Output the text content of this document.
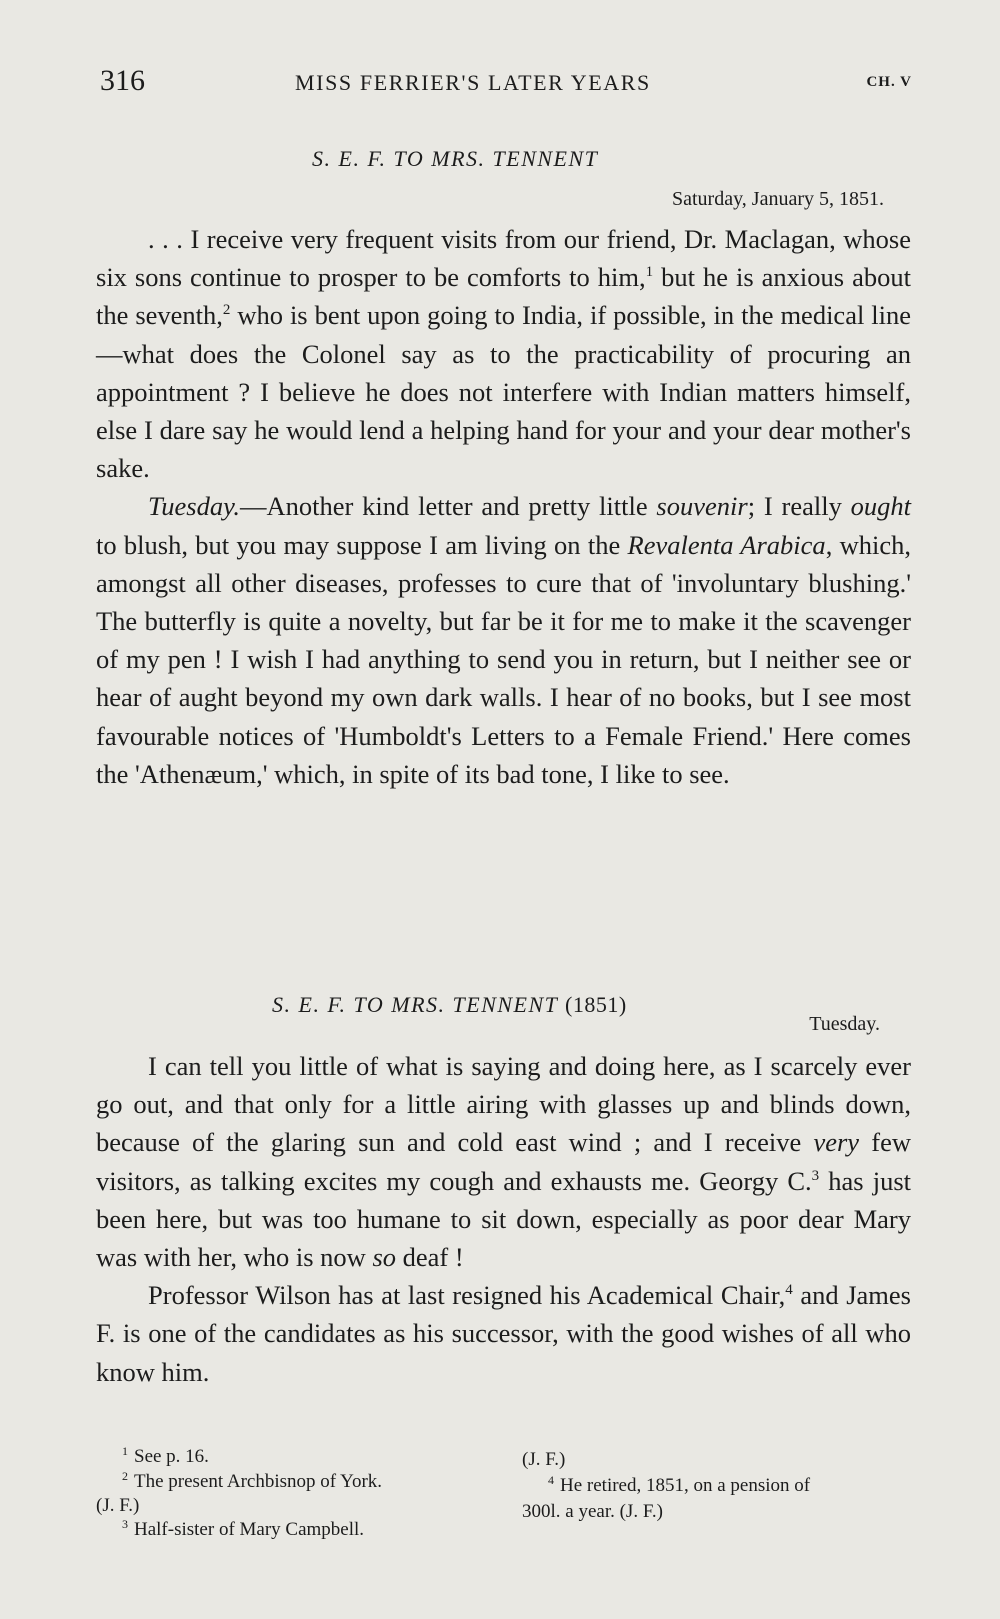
316	MISS FERRIER'S LATER YEARS	CH. V
S. E. F. TO MRS. TENNENT
Saturday, January 5, 1851.

. . . I receive very frequent visits from our friend, Dr. Maclagan, whose six sons continue to prosper to be comforts to him,$^1$ but he is anxious about the seventh,$^2$ who is bent upon going to India, if possible, in the medical line—what does the Colonel say as to the practicability of procuring an appointment ? I believe he does not interfere with Indian matters himself, else I dare say he would lend a helping hand for your and your dear mother's sake.

Tuesday.—Another kind letter and pretty little souvenir; I really ought to blush, but you may suppose I am living on the Revalenta Arabica, which, amongst all other diseases, professes to cure that of 'involuntary blushing.' The butterfly is quite a novelty, but far be it for me to make it the scavenger of my pen ! I wish I had anything to send you in return, but I neither see or hear of aught beyond my own dark walls. I hear of no books, but I see most favourable notices of 'Humboldt's Letters to a Female Friend.' Here comes the 'Athenæum,' which, in spite of its bad tone, I like to see.

S. E. F. TO MRS. TENNENT (1851)
Tuesday.

I can tell you little of what is saying and doing here, as I scarcely ever go out, and that only for a little airing with glasses up and blinds down, because of the glaring sun and cold east wind ; and I receive very few visitors, as talking excites my cough and exhausts me. Georgy C.$^3$ has just been here, but was too humane to sit down, especially as poor dear Mary was with her, who is now so deaf !

Professor Wilson has at last resigned his Academical Chair,$^4$ and James F. is one of the candidates as his successor, with the good wishes of all who know him.

$^1$ See p. 16.
$^2$ The present Archbisnop of York.
(J. F.)
$^3$ Half-sister of Mary Campbell.
(J. F.)
$^4$ He retired, 1851, on a pension of
300l. a year. (J. F.)
